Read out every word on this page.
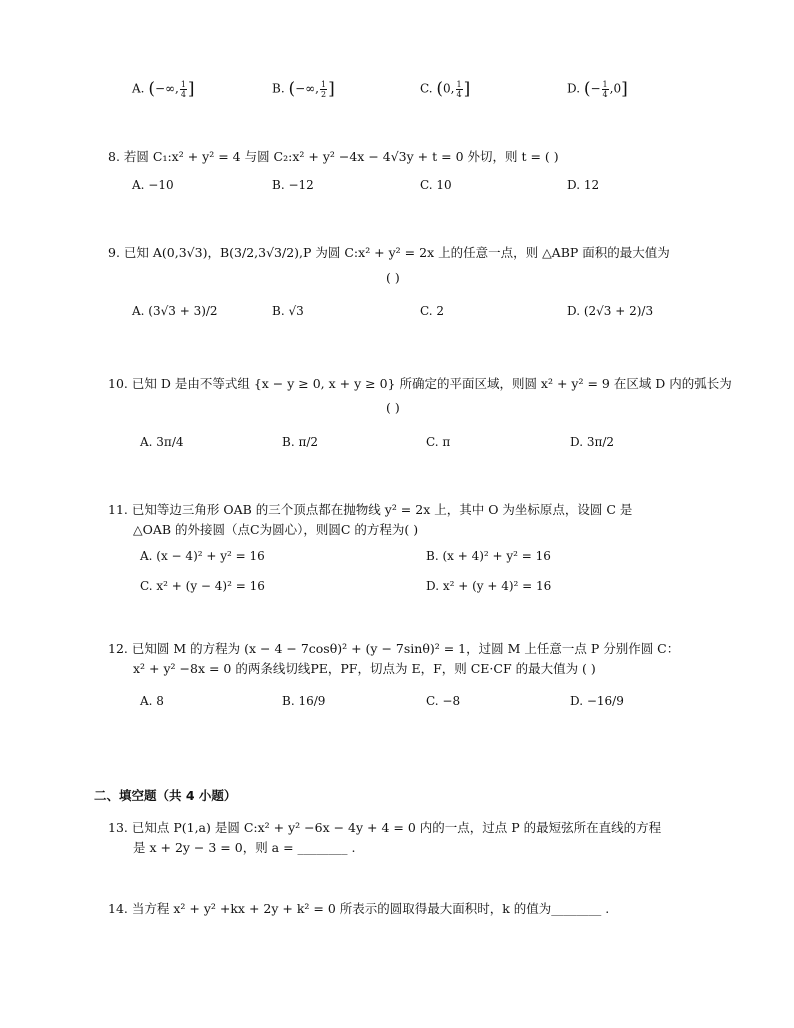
A. (−∞, $\frac{1}{4}$ ]	B. (−∞, $\frac{1}{2}$ ]	C. (0, $\frac{1}{4}$ ]	D. (− $\frac{1}{4} ,0$]
8. 若圆 C₁:x² + y² = 4 与圆 C₂:x² + y² −4x − 4√3y + t = 0 外切，则 t = ( )
A. −10	B. −12	C. 10	D. 12
9. 已知 A(0,3√3)，B(3/2,3√3/2),P 为圆 C:x² + y² = 2x 上的任意一点，则 △ABP 面积的最大值为
( )
A. (3√3 + 3)/2	B. √3	C. 2	D. (2√3 + 2)/3
10. 已知 D 是由不等式组 {x − y ≥ 0, x + y ≥ 0} 所确定的平面区域，则圆 x² + y² = 9 在区域 D 内的弧长为
( )
A. 3π/4	B. π/2	C. π	D. 3π/2
11. 已知等边三角形 OAB 的三个顶点都在抛物线 y² = 2x 上，其中 O 为坐标原点，设圆 C 是
△OAB 的外接圆（点C为圆心），则圆C 的方程为( )
A. (x − 4)² + y² = 16	B. (x + 4)² + y² = 16
C. x² + (y − 4)² = 16	D. x² + (y + 4)² = 16
12. 已知圆 M 的方程为 (x − 4 − 7cosθ)² + (y − 7sinθ)² = 1，过圆 M 上任意一点 P 分别作圆 C：
x² + y² −8x = 0 的两条线切线PE，PF，切点为 E，F，则 CE·CF 的最大值为 ( )
A. 8	B. 16/9	C. −8	D. −16/9
二、填空题（共 4 小题）
13. 已知点 P(1,a) 是圆 C:x² + y² −6x − 4y + 4 = 0 内的一点，过点 P 的最短弦所在直线的方程
是 x + 2y − 3 = 0，则 a = ________ .
14. 当方程 x² + y² +kx + 2y + k² = 0 所表示的圆取得最大面积时，k 的值为________ .
